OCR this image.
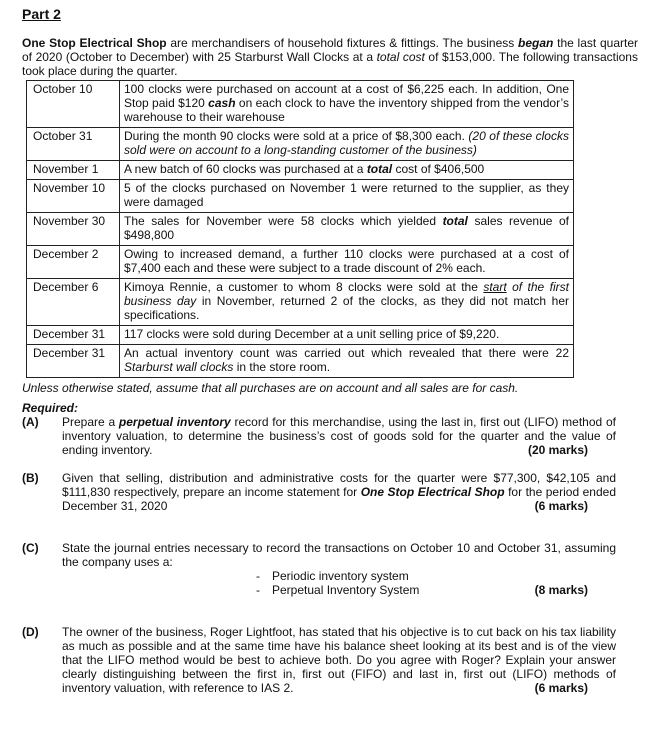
Part 2

One Stop Electrical Shop are merchandisers of household fixtures & fittings. The business began the last quarter of 2020 (October to December) with 25 Starburst Wall Clocks at a total cost of $153,000. The following transactions took place during the quarter.

October 10	100 clocks were purchased on account at a cost of $6,225 each. In addition, One Stop paid $120 cash on each clock to have the inventory shipped from the vendor’s warehouse to their warehouse
October 31	During the month 90 clocks were sold at a price of $8,300 each. (20 of these clocks sold were on account to a long-standing customer of the business)
November 1	A new batch of 60 clocks was purchased at a total cost of $406,500
November 10	5 of the clocks purchased on November 1 were returned to the supplier, as they were damaged
November 30	The sales for November were 58 clocks which yielded total sales revenue of $498,800
December 2	Owing to increased demand, a further 110 clocks were purchased at a cost of $7,400 each and these were subject to a trade discount of 2% each.
December 6	Kimoya Rennie, a customer to whom 8 clocks were sold at the start of the first business day in November, returned 2 of the clocks, as they did not match her specifications.
December 31	117 clocks were sold during December at a unit selling price of $9,220.
December 31	An actual inventory count was carried out which revealed that there were 22 Starburst wall clocks in the store room.

Unless otherwise stated, assume that all purchases are on account and all sales are for cash.

Required:

(A)	Prepare a perpetual inventory record for this merchandise, using the last in, first out (LIFO) method of inventory valuation, to determine the business’s cost of goods sold for the quarter and the value of ending inventory.	(20 marks)
(B)	Given that selling, distribution and administrative costs for the quarter were $77,300, $42,105 and $111,830 respectively, prepare an income statement for One Stop Electrical Shop for the period ended December 31, 2020	(6 marks)
(C)	State the journal entries necessary to record the transactions on October 10 and October 31, assuming the company uses a:
-	Periodic inventory system
-	Perpetual Inventory System	(8 marks)
(D)	The owner of the business, Roger Lightfoot, has stated that his objective is to cut back on his tax liability as much as possible and at the same time have his balance sheet looking at its best and is of the view that the LIFO method would be best to achieve both. Do you agree with Roger? Explain your answer clearly distinguishing between the first in, first out (FIFO) and last in, first out (LIFO) methods of inventory valuation, with reference to IAS 2.	(6 marks)
